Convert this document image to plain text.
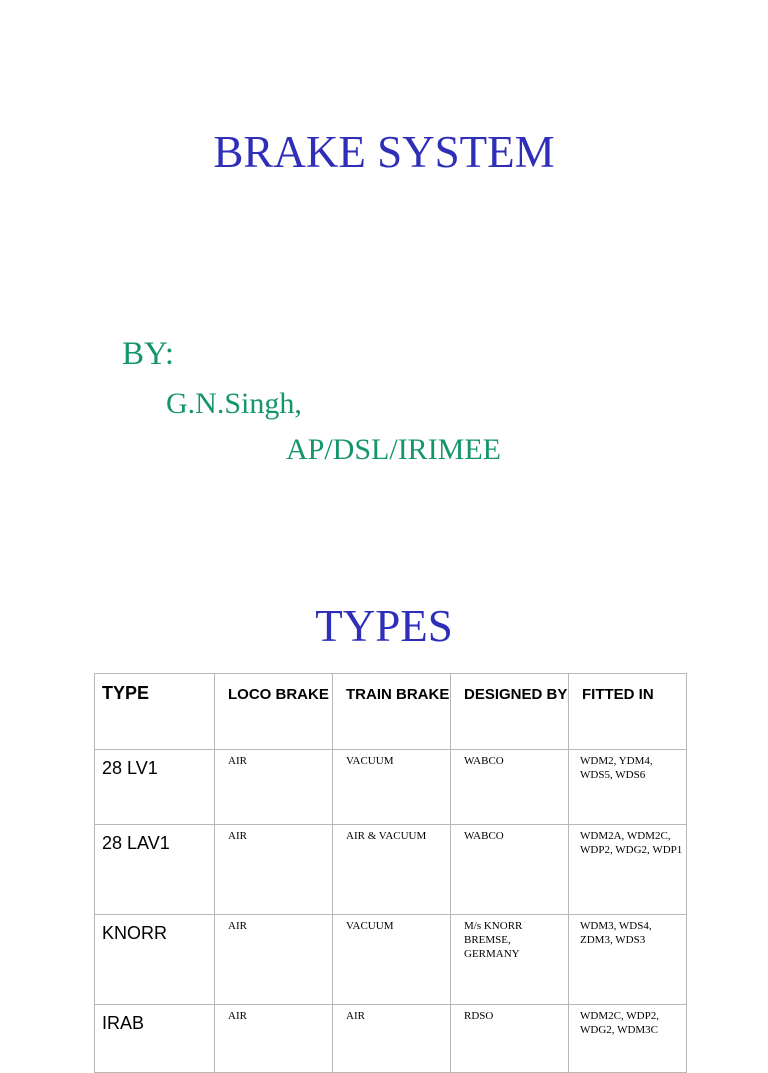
BRAKE SYSTEM
BY:
G.N.Singh,
AP/DSL/IRIMEE
TYPES
TYPE	LOCO BRAKE	TRAIN BRAKE	DESIGNED BY	FITTED IN
28 LV1	AIR	VACUUM	WABCO	WDM2, YDM4, WDS5, WDS6
28 LAV1	AIR	AIR & VACUUM	WABCO	WDM2A, WDM2C, WDP2, WDG2, WDP1
KNORR	AIR	VACUUM	M/s KNORR BREMSE, GERMANY	WDM3, WDS4, ZDM3, WDS3
IRAB	AIR	AIR	RDSO	WDM2C, WDP2, WDG2, WDM3C
